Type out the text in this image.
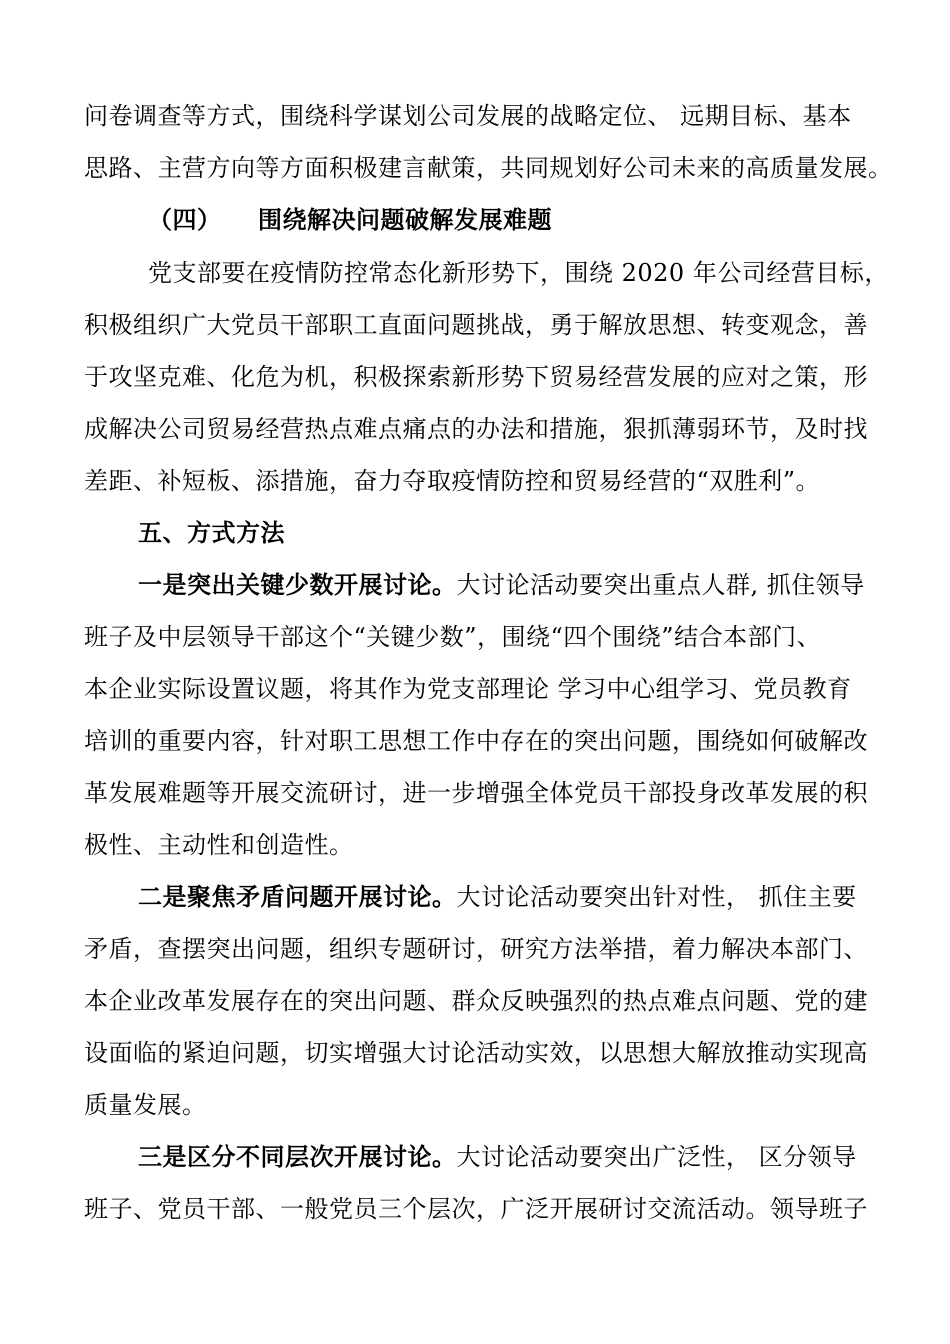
问卷调查等方式，围绕科学谋划公司发展的战略定位、 远期目标、基本
思路、主营方向等方面积极建言献策，共同规划好公司未来的高质量发展。
（四） 围绕解决问题破解发展难题
党支部要在疫情防控常态化新形势下，围绕 2020 年公司经营目标，
积极组织广大党员干部职工直面问题挑战，勇于解放思想、转变观念，善
于攻坚克难、化危为机，积极探索新形势下贸易经营发展的应对之策，形
成解决公司贸易经营热点难点痛点的办法和措施，狠抓薄弱环节，及时找
差距、补短板、添措施，奋力夺取疫情防控和贸易经营的“双胜利”。
五、方式方法
一是突出关键少数开展讨论。大讨论活动要突出重点人群, 抓住领导
班子及中层领导干部这个“关键少数”，围绕“四个围绕”结合本部门、
本企业实际设置议题，将其作为党支部理论 学习中心组学习、党员教育
培训的重要内容，针对职工思想工作中存在的突出问题，围绕如何破解改
革发展难题等开展交流研讨，进一步增强全体党员干部投身改革发展的积
极性、主动性和创造性。
二是聚焦矛盾问题开展讨论。大讨论活动要突出针对性， 抓住主要
矛盾，查摆突出问题，组织专题研讨，研究方法举措，着力解决本部门、
本企业改革发展存在的突出问题、群众反映强烈的热点难点问题、党的建
设面临的紧迫问题，切实增强大讨论活动实效，以思想大解放推动实现高
质量发展。
三是区分不同层次开展讨论。大讨论活动要突出广泛性， 区分领导
班子、党员干部、一般党员三个层次，广泛开展研讨交流活动。领导班子
